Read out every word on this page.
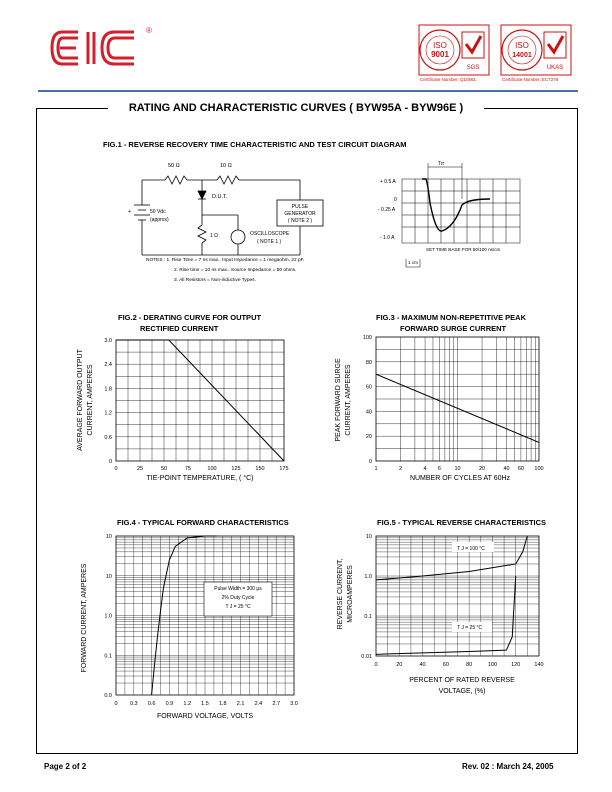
®
ISO
9001
SGS
Certificate Number: Q10561
ISO
14001
UKAS
Certificate Number: EC7276
RATING AND CHARACTERISTIC CURVES ( BYW95A - BYW96E )
FIG.1 - REVERSE RECOVERY TIME CHARACTERISTIC AND TEST CIRCUIT DIAGRAM
50 Ω	10 Ω
D.U.T.
PULSE
GENERATOR
( NOTE 2 )
+	50 Vdc
(approx)
1 Ω	OSCILLOSCOPE
( NOTE 1 )
NOTES : 1. Rise Time = 7 ns max.. Input Impedance = 1 megaohm, 22 pF.
2. Rise time = 10 ns max.. Source Impedance = 50 ohms.
3. All Resistors = Non-inductive Types.
Trr
+ 0.5 A
0
- 0.25 A
- 1.0 A
SET TIME BASE FOR 50/100 ns/cm
1 cm
FIG.2 - DERATING CURVE FOR OUTPUT
RECTIFIED CURRENT
0	25	50	75	100	125	150	175
0
0.6
1.2
1.8
2.4
3.0
TIE-POINT TEMPERATURE, ( °C)
AVERAGE FORWARD OUTPUT CURRENT, AMPERES
FIG.3 - MAXIMUM NON-REPETITIVE PEAK
FORWARD SURGE CURRENT
1	2	4 6 10	20	40 60 100
0
20
40
60
80
100
NUMBER OF CYCLES AT 60Hz
PEAK FORWARD SURGE CURRENT, AMPERES
FIG.4 - TYPICAL FORWARD CHARACTERISTICS
Pulse Width = 300 μs
2% Duty Cycle
T J = 25 °C
0 0.3 0.6 0.9 1.2 1.5 1.8 2.1 2.4 2.7 3.0
0.0
0.1
1.0
10
10
FORWARD VOLTAGE, VOLTS
FORWARD CURRENT, AMPERES
FIG.5 - TYPICAL REVERSE CHARACTERISTICS
T J = 100 °C
T J = 25 °C
0	20	40	60	80	100	120	140
0.01
0.1
1.0
10
REVERSE CURRENT, MICROAMPERES
PERCENT OF RATED REVERSE
VOLTAGE, (%)
Page 2 of 2	Rev. 02 : March 24, 2005
